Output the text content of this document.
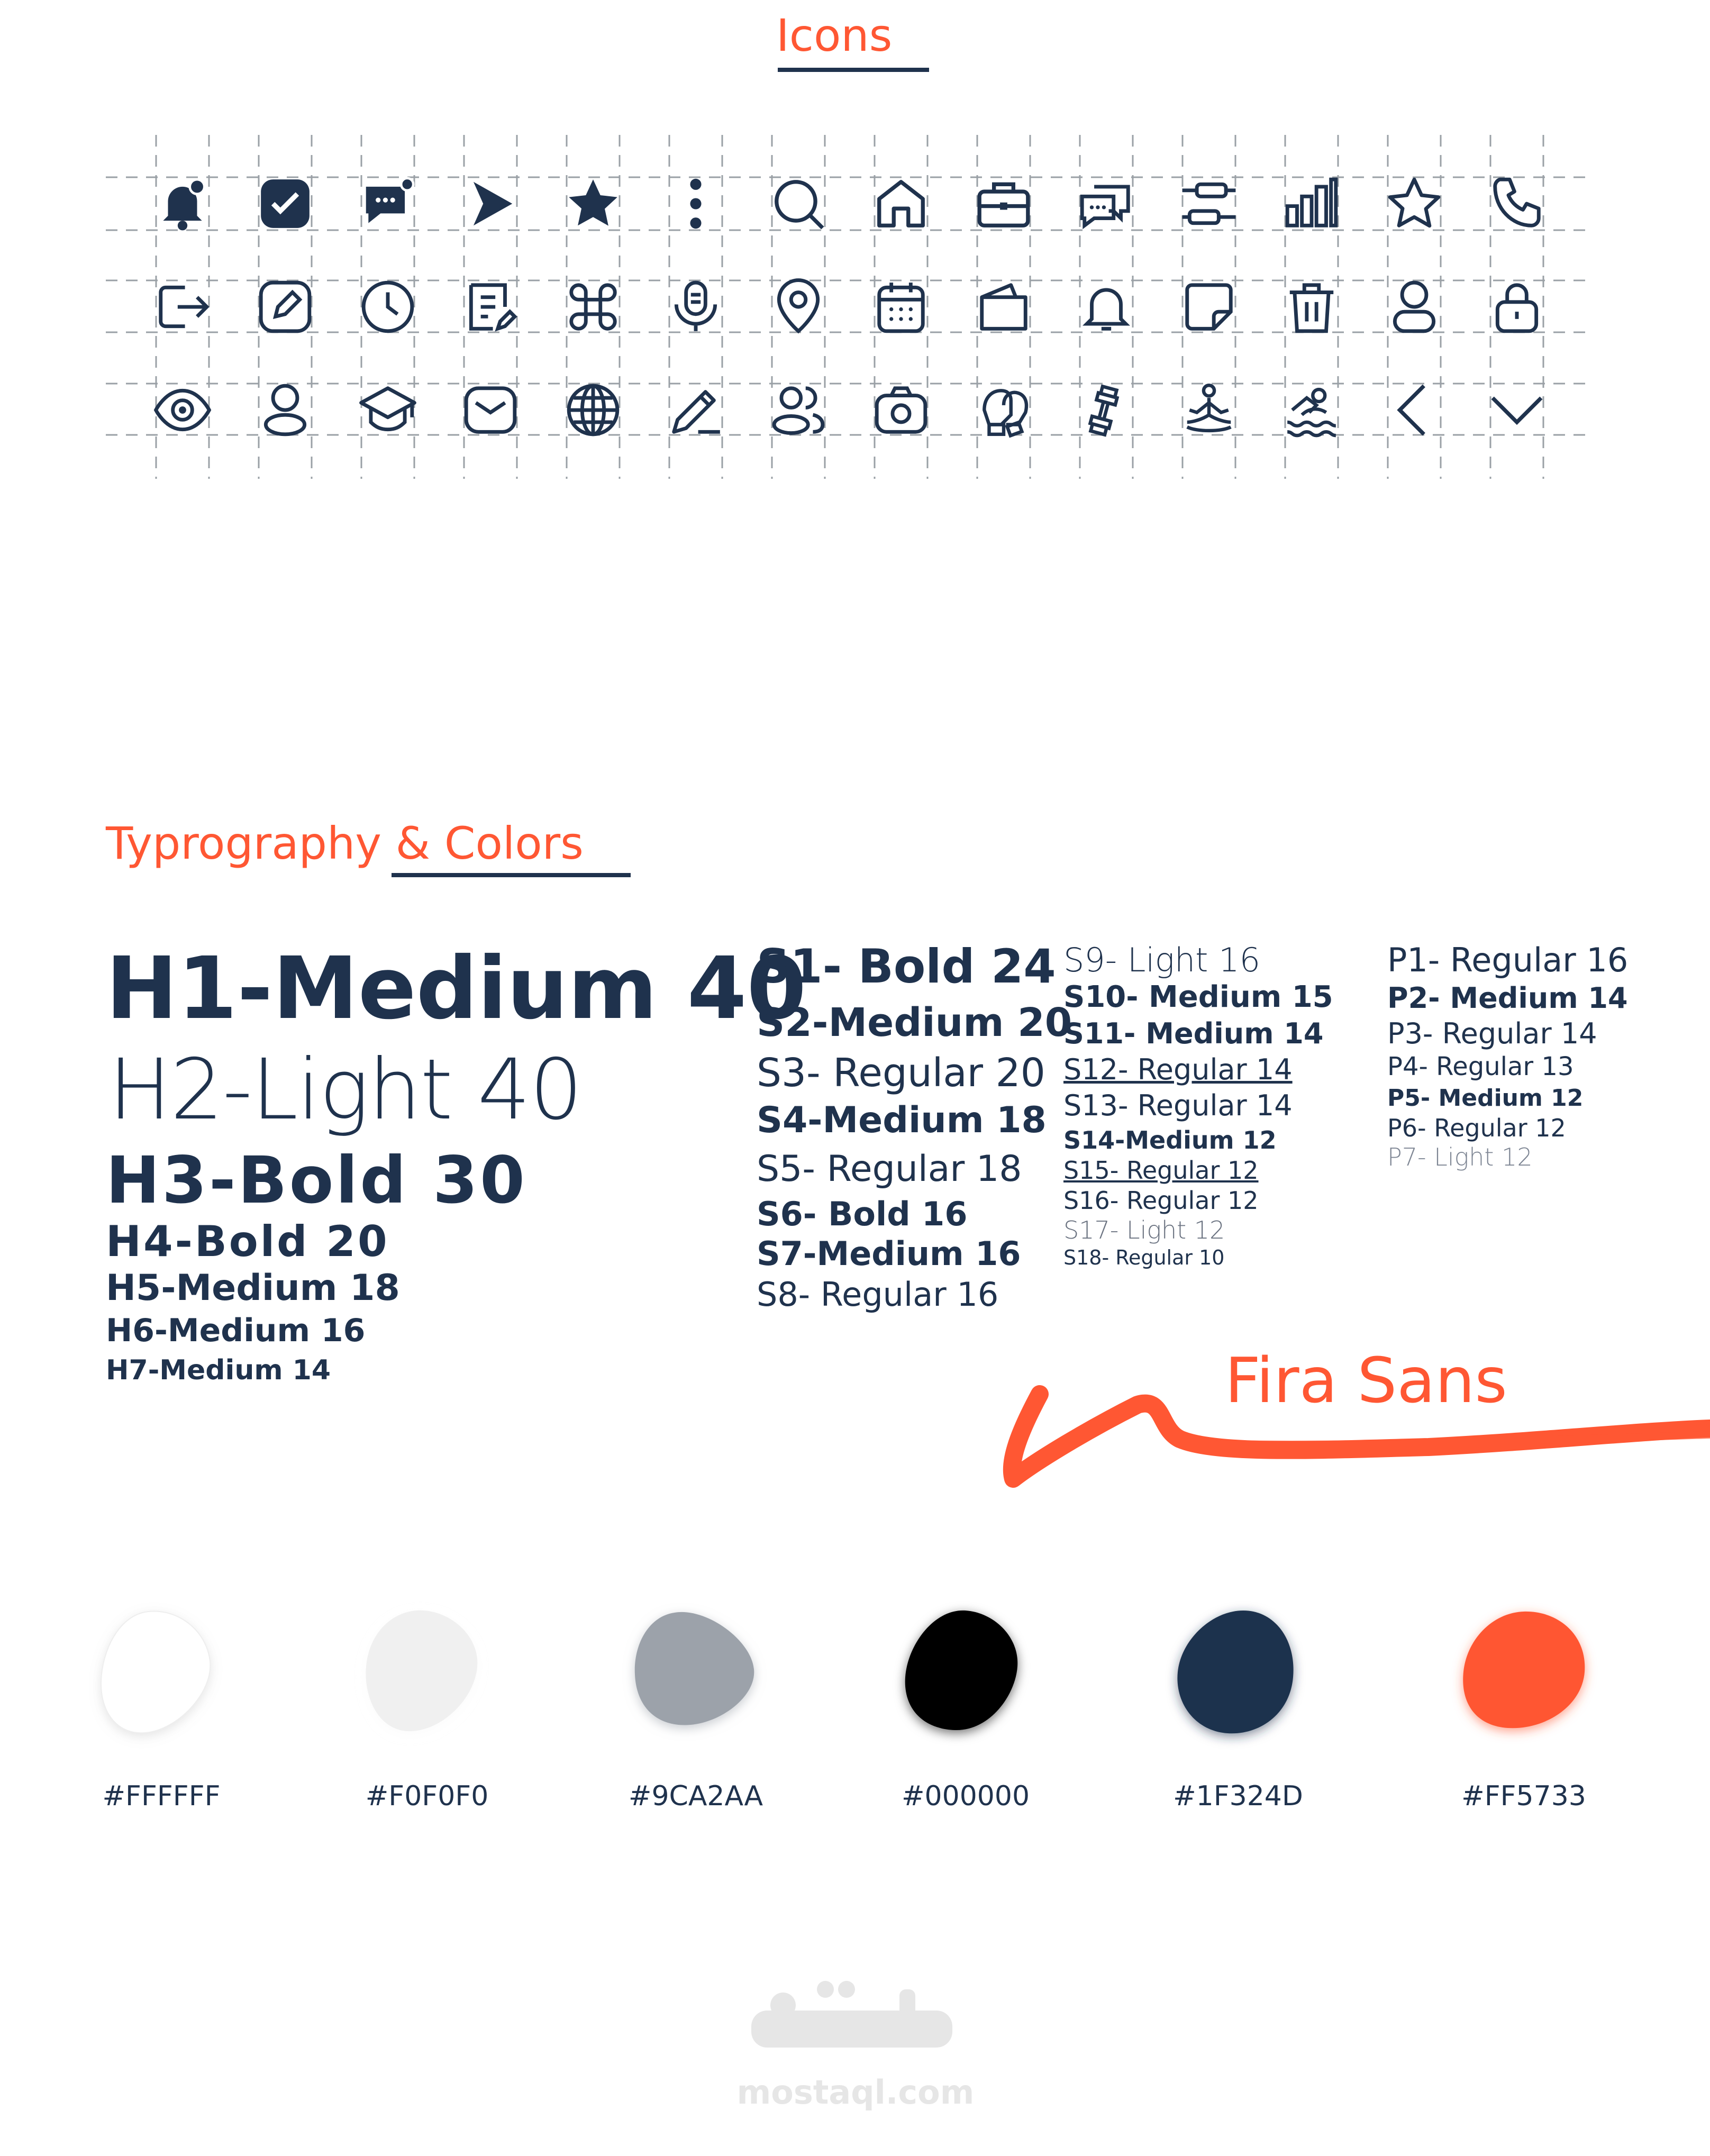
Icons
Typrography & Colors
H1-Medium 40
H2-Light 40
H3-Bold 30
H4-Bold 20
H5-Medium 18
H6-Medium 16
H7-Medium 14
S1- Bold 24
S2-Medium 20
S3- Regular 20
S4-Medium 18
S5- Regular 18
S6- Bold 16
S7-Medium 16
S8- Regular 16
S9- Light 16
S10- Medium 15
S11- Medium 14
S12- Regular 14
S13- Regular 14
S14-Medium 12
S15- Regular 12
S16- Regular 12
S17- Light 12
S18- Regular 10
P1- Regular 16
P2- Medium 14
P3- Regular 14
P4- Regular 13
P5- Medium 12
P6- Regular 12
P7- Light 12
Fira Sans
#FFFFFF	#F0F0F0	#9CA2AA	#000000	#1F324D	#FF5733
mostaql.com
